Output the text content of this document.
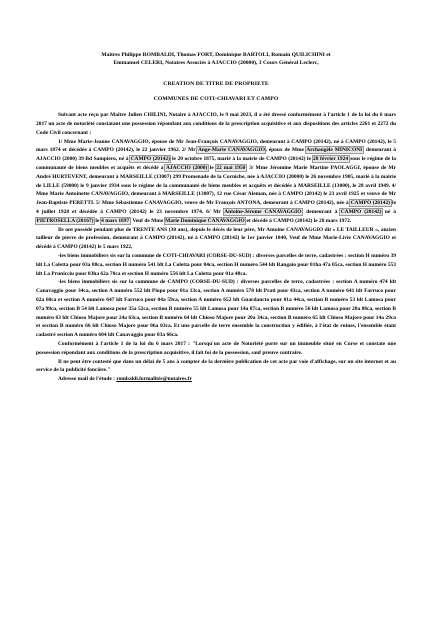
Maîtres Philippe ROMBALDI, Thomas FORT, Dominique BARTOLI, Romain QUILICHINI et
Emmanuel CELERI, Notaires Associés à AJACCIO (20000), 3 Cours Général Leclerc,
CREATION DE TITRE DE PROPRIETE
COMMUNES DE COTI-CHIAVARI ET CAMPO

Suivant acte reçu par Maître Julien CHILINI, Notaire à AJACCIO, le 9 mai 2023, il a été dressé conformément à l'article 1 de la loi du 6 mars 2017 un acte de notoriété constatant une possession répondant aux conditions de la prescription acquisitive et aux dispositions des articles 2261 et 2272 du Code Civil concernant :

1/ Mme Marie-Jeanne CANAVAGGIO, épouse de Mr Jean-François CANAVAGGIO, demeurant à CAMPO (20142), né à CAMPO (20142), le 5 mars 1874 et décédée à CAMPO (20142), le 22 janvier 1962. 2/ Mr Ange-Marie CANAVAGGIO, époux de Mme Archangèle MINICONI, demeurant à AJACCIO (2000) 39 Bd Sampiero, né à CAMPO (20142) le 20 octobre 1875, marié à la mairie de CAMPO (20142) le 28 février 1924 sous le régime de la communauté de biens meubles et acquêts et décédé à AJACCIO (2000) le 22 mai 1950. 3/ Mme Jéromine Marie Martine PAOLAGGI, épouse de Mr André HURTEVENT, demeurant à MARSEILLE (13007) 299 Promenade de la Corniche, née à AJACCIO (20000) le 26 novembre 1905, marié à la mairie de LILLE (59000) le 9 janvier 1934 sous le régime de la communauté de biens meubles et acquêts et décédée à MARSEILLE (13000), le 28 avril 1949. 4/ Mme Marie Antoinette CANAVAGGIO, demeurant à MARSEILLE (13007), 12 rue César Aleman, née à CAMPO (20142) le 23 avril 1925 et veuve de Mr Jean-Baptiste PERETTI. 5/ Mme Sébastienne CANAVAGGIO, veuve de Mr François ANTONA, demeurant à CAMPO (20142), née à CAMPO (20142) le 4 juillet 1928 et décédée à CAMPO (20142) le 23 novembre 1974. 6/ Mr Antoine-Jérome CANAVAGGIO, demeurant à CAMPO (20142) né à PIETROSELLA (20167) le 4 mars 1897, Veuf de Mme Marie Dominique CANAVAGGIO et décédé à CAMPO (20142) le 28 mars 1972.

Ils ont possédé pendant plus de TRENTE ANS (30 ans), depuis le décès de leur père, Mr Antoine CANAVAGGIO dit « LE TAILLEUR », ancien tailleur de pierre de profession, demeurant à CAMPO (20142), né à CAMPO (20142) le 1er janvier 1840, Veuf de Mme Marie-Livie CANAVAGGIO et décédé à CAMPO (20142) le 5 mars 1922,

-les biens immobiliers sis sur la commune de COTI-CHIAVARI (CORSE-DU-SUD) : diverses parcelles de terre, cadastrées : section H numéro 39 ldt La Coletta pour 03a 80ca, section H numéro 541 ldt La Coletta pour 84ca, section H numéro 544 ldt Rangaio pour 01ha 47a 05ca, section H numéro 553 ldt La Prunicciu pour 03ha 62a 70ca et section H numéro 556 ldt La Coletta pour 01a 48ca.

-les biens immobiliers sis sur la commune de CAMPO (CORSE-DU-SUD) : diverses parcelles de terre, cadastrées : section A numéro 474 ldt Canavaggio pour 34ca, section A numéro 552 ldt Piopo pour 01a 13ca, section A numéro 578 ldt Prati pour 43ca, section A numéro 641 ldt Farruco pour 02a 60ca et section A numéro 647 ldt Farruco pour 04a 59ca, section A numéro 652 ldt Guardancto pour 01a 44ca, section B numéro 53 ldt Lamosa pour 07a 99ca, section B 54 ldt Lamosa pour 35a 52ca, section B numéro 55 ldt Lamosa pour 14a 87ca, section B numéro 56 ldt Lamosa pour 28a 88ca, section B numéro 63 ldt Chioso Majore pour 24a 63ca, section B numéro 64 ldt Chioso Majore pour 20a 34ca, section B numéro 65 ldt Chioso Majore pour 14a 29ca et section B numéro 66 ldt Chioso Majore pour 06a 03ca. Et une parcelle de terre ensemble la construction y édifiée, à l'état de ruines, l'ensemble étant cadastré section A numéro 604 ldt Canavaggio pour 03a 66ca.

Conformément à l'article 1 de la loi du 6 mars 2017 : "Lorsqu'un acte de Notoriété porte sur un immeuble situé en Corse et constate une possession répondant aux conditions de la prescription acquisitive, il fait foi de la possession, sauf preuve contraire.

Il ne peut être contesté que dans un délai de 5 ans à compter de la dernière publication de cet acte par voie d'affichage, sur un site internet et au service de la publicité foncière."

Adresse mail de l'étude : rombaldi.formalités@notaires.fr
